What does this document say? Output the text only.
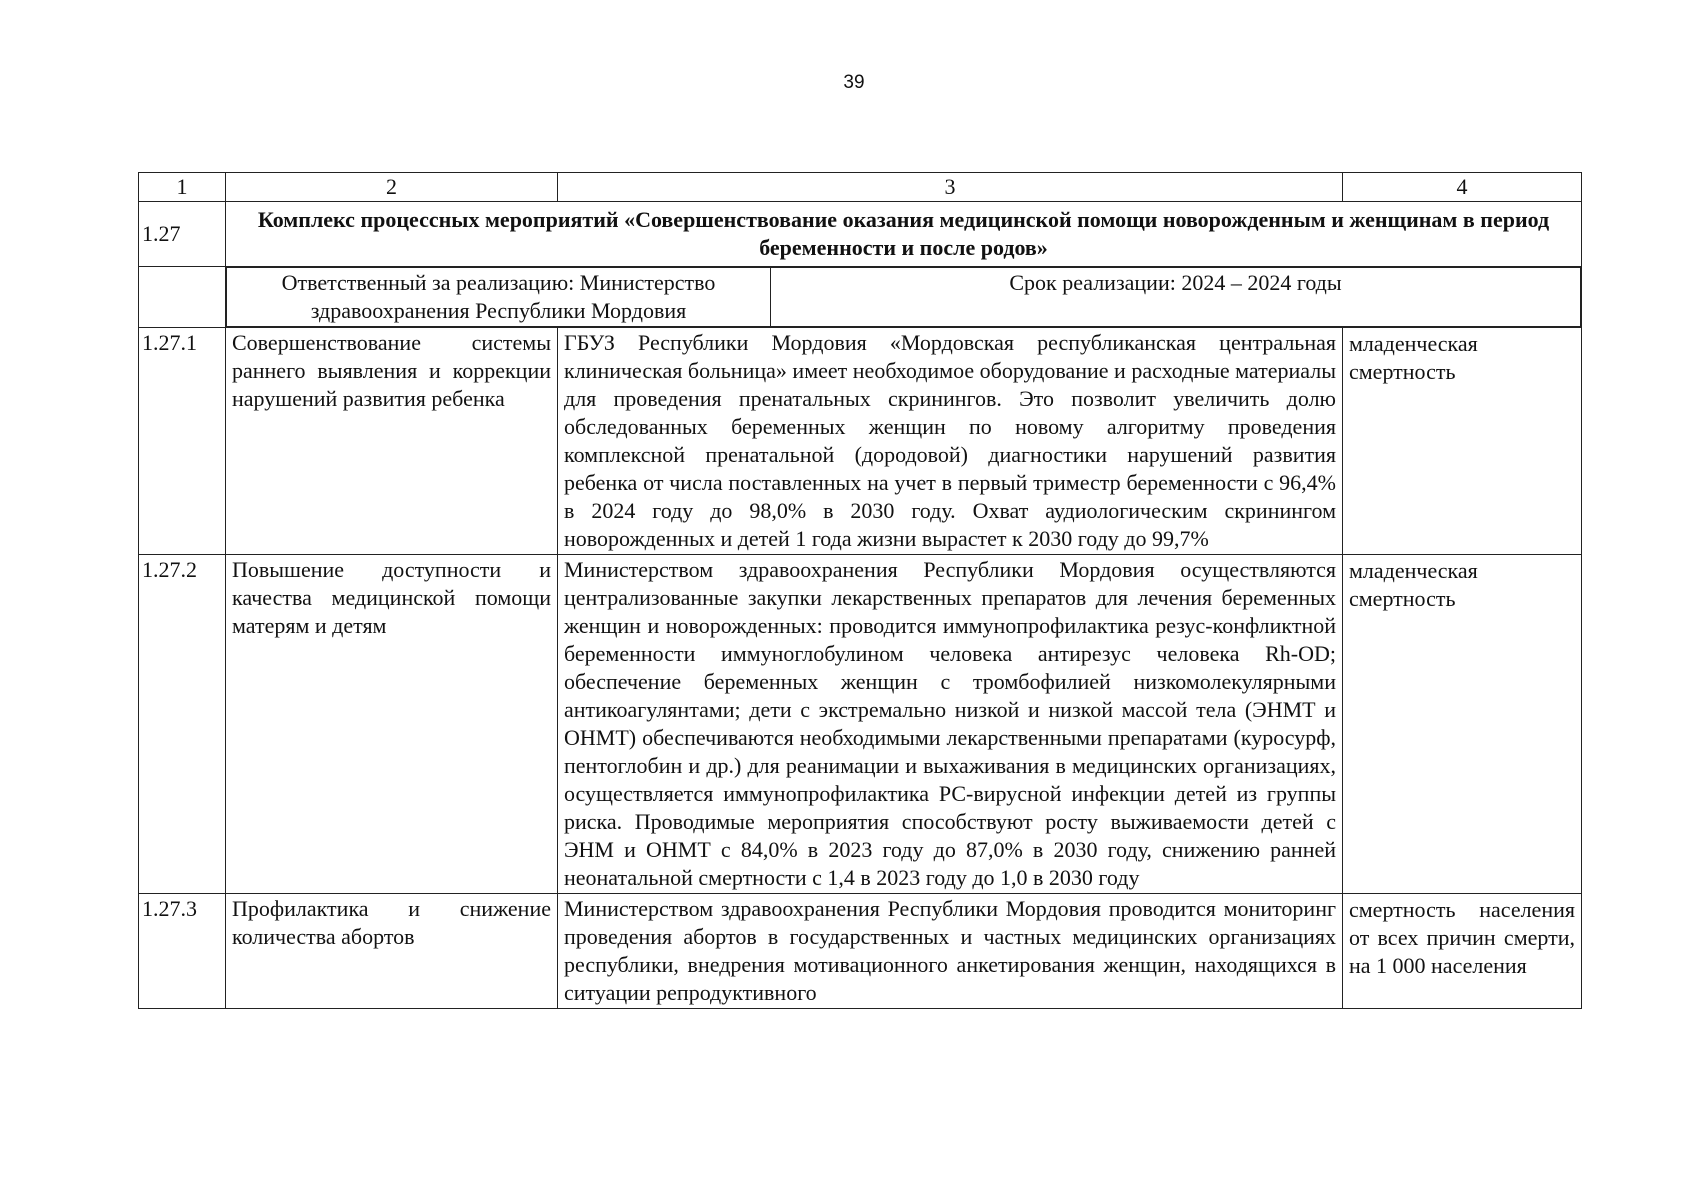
39
1	2	3	4
1.27	Комплекс процессных мероприятий «Совершенствование оказания медицинской помощи новорожденным и женщинам в период беременности и после родов»

Ответственный за реализацию: Министерство здравоохранения Республики Мордовия	Срок реализации: 2024 – 2024 годы

1.27.1	Совершенствование системы раннего выявления и коррекции нарушений развития ребенка	ГБУЗ Республики Мордовия «Мордовская республиканская центральная клиническая больница» имеет необходимое оборудование и расходные материалы для проведения пренатальных скринингов. Это позволит увеличить долю обследованных беременных женщин по новому алгоритму проведения комплексной пренатальной (дородовой) диагностики нарушений развития ребенка от числа поставленных на учет в первый триместр беременности с 96,4% в 2024 году до 98,0% в 2030 году. Охват аудиологическим скринингом новорожденных и детей 1 года жизни вырастет к 2030 году до 99,7%	младенческая смертность
1.27.2	Повышение доступности и качества медицинской помощи матерям и детям	Министерством здравоохранения Республики Мордовия осуществляются централизованные закупки лекарственных препаратов для лечения беременных женщин и новорожденных: проводится иммунопрофилактика резус-конфликтной беременности иммуноглобулином человека антирезус человека Rh-OD; обеспечение беременных женщин с тромбофилией низкомолекулярными антикоагулянтами; дети с экстремально низкой и низкой массой тела (ЭНМТ и ОНМТ) обеспечиваются необходимыми лекарственными препаратами (куросурф, пентоглобин и др.) для реанимации и выхаживания в медицинских организациях, осуществляется иммунопрофилактика РС-вирусной инфекции детей из группы риска. Проводимые мероприятия способствуют росту выживаемости детей с ЭНМ и ОНМТ с 84,0% в 2023 году до 87,0% в 2030 году, снижению ранней неонатальной смертности с 1,4 в 2023 году до 1,0 в 2030 году	младенческая смертность
1.27.3	Профилактика и снижение количества абортов	Министерством здравоохранения Республики Мордовия проводится мониторинг проведения абортов в государственных и частных медицинских организациях республики, внедрения мотивационного анкетирования женщин, находящихся в ситуации репродуктивного	смертность населения от всех причин смерти, на 1 000 населения
